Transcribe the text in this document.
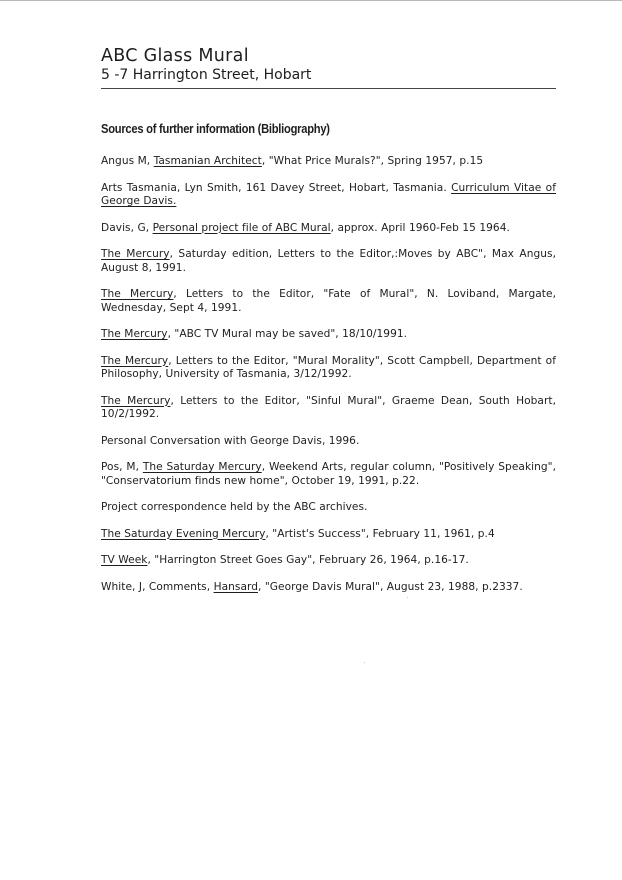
ABC Glass Mural
5 -7 Harrington Street, Hobart
Sources of further information (Bibliography)

Angus M, Tasmanian Architect, "What Price Murals?", Spring 1957, p.15

Arts Tasmania, Lyn Smith, 161 Davey Street, Hobart, Tasmania. Curriculum Vitae of George Davis.

Davis, G, Personal project file of ABC Mural, approx. April 1960-Feb 15 1964.

The Mercury, Saturday edition, Letters to the Editor,:Moves by ABC", Max Angus, August 8, 1991.

The Mercury, Letters to the Editor, "Fate of Mural", N. Loviband, Margate, Wednesday, Sept 4, 1991.

The Mercury, "ABC TV Mural may be saved", 18/10/1991.

The Mercury, Letters to the Editor, "Mural Morality", Scott Campbell, Department of Philosophy, University of Tasmania, 3/12/1992.

The Mercury, Letters to the Editor, "Sinful Mural", Graeme Dean, South Hobart, 10/2/1992.

Personal Conversation with George Davis, 1996.

Pos, M, The Saturday Mercury, Weekend Arts, regular column, "Positively Speaking", "Conservatorium finds new home", October 19, 1991, p.22.

Project correspondence held by the ABC archives.

The Saturday Evening Mercury, "Artist's Success", February 11, 1961, p.4

TV Week, "Harrington Street Goes Gay", February 26, 1964, p.16-17.

White, J, Comments, Hansard, "George Davis Mural", August 23, 1988, p.2337.
